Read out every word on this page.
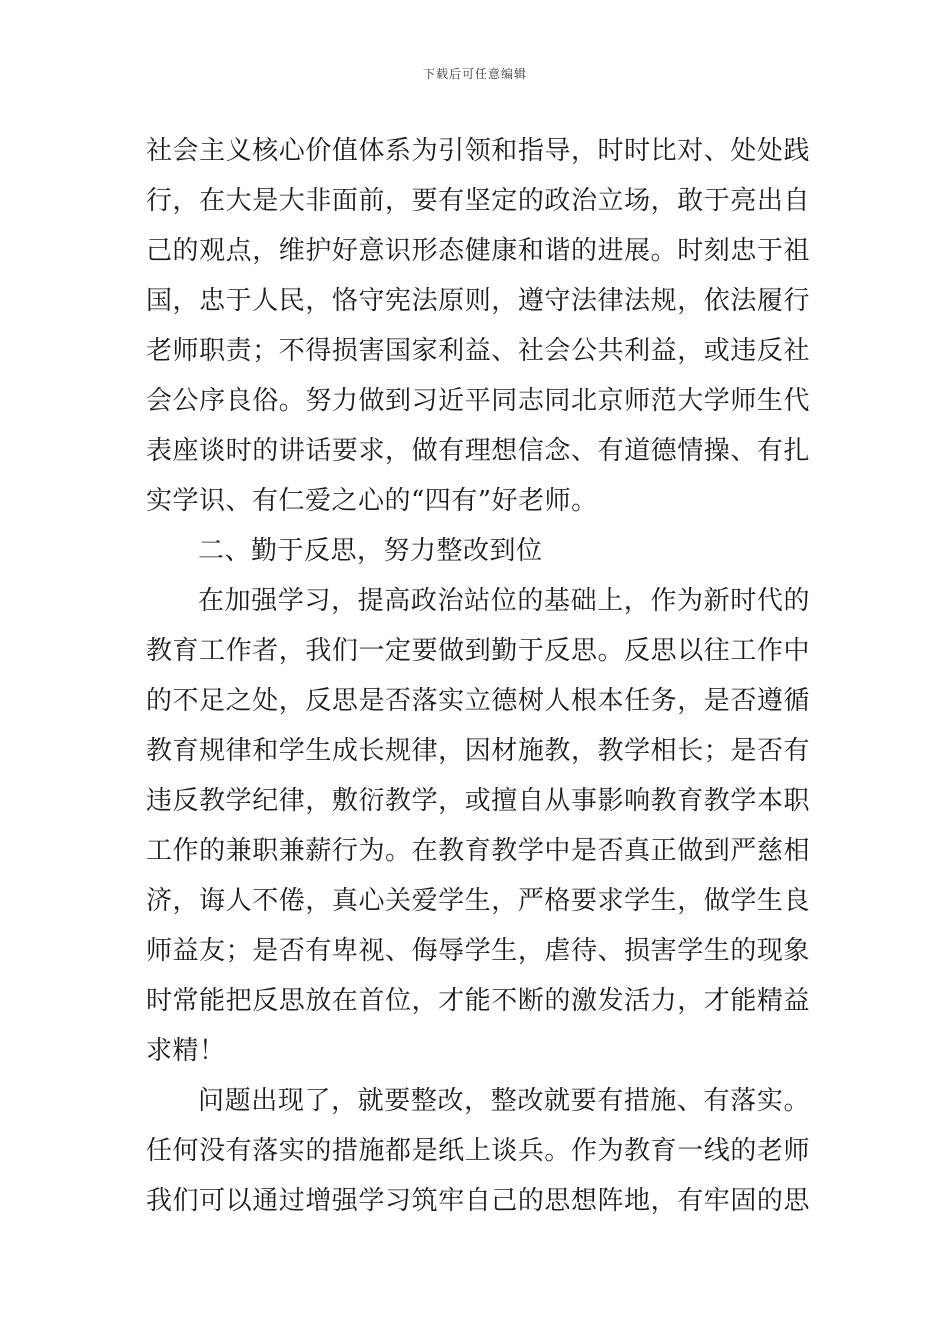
下载后可任意编辑
社会主义核心价值体系为引领和指导，时时比对、处处践
行，在大是大非面前，要有坚定的政治立场，敢于亮出自
己的观点，维护好意识形态健康和谐的进展。时刻忠于祖
国，忠于人民，恪守宪法原则，遵守法律法规，依法履行
老师职责；不得损害国家利益、社会公共利益，或违反社
会公序良俗。努力做到习近平同志同北京师范大学师生代
表座谈时的讲话要求，做有理想信念、有道德情操、有扎
实学识、有仁爱之心的“四有”好老师。
二、勤于反思，努力整改到位
在加强学习，提高政治站位的基础上，作为新时代的
教育工作者，我们一定要做到勤于反思。反思以往工作中
的不足之处，反思是否落实立德树人根本任务，是否遵循
教育规律和学生成长规律，因材施教，教学相长；是否有
违反教学纪律，敷衍教学，或擅自从事影响教育教学本职
工作的兼职兼薪行为。在教育教学中是否真正做到严慈相
济，诲人不倦，真心关爱学生，严格要求学生，做学生良
师益友；是否有卑视、侮辱学生，虐待、损害学生的现象
时常能把反思放在首位，才能不断的激发活力，才能精益
求精！
问题出现了，就要整改，整改就要有措施、有落实。
任何没有落实的措施都是纸上谈兵。作为教育一线的老师
我们可以通过增强学习筑牢自己的思想阵地，有牢固的思
